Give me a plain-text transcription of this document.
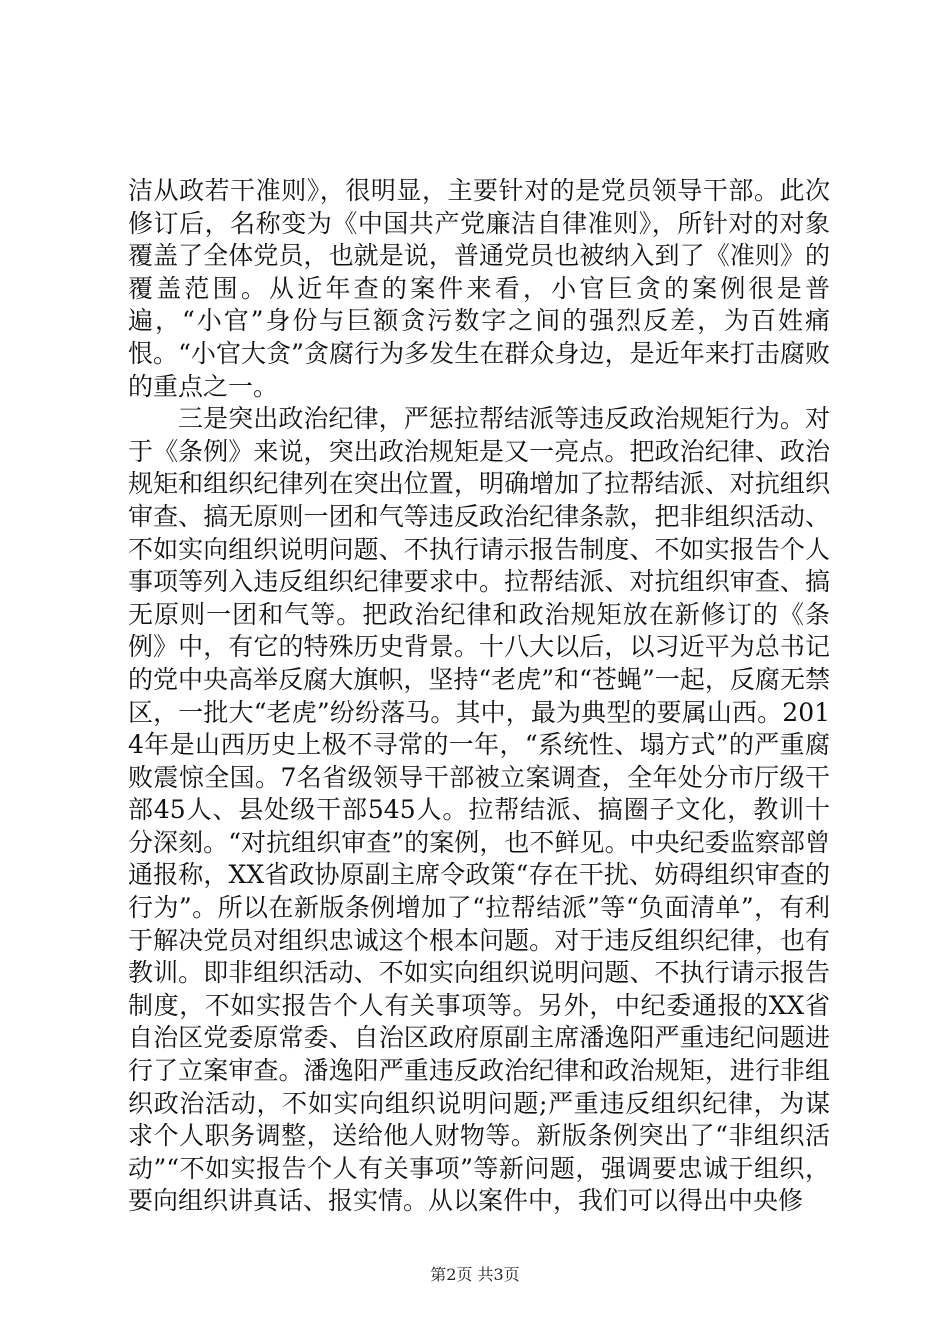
洁从政若干准则》，很明显，主要针对的是党员领导干部。此次修订后，名称变为《中国共产党廉洁自律准则》，所针对的对象覆盖了全体党员，也就是说，普通党员也被纳入到了《准则》的覆盖范围。从近年查的案件来看，小官巨贪的案例很是普遍，“小官”身份与巨额贪污数字之间的强烈反差，为百姓痛恨。“小官大贪”贪腐行为多发生在群众身边，是近年来打击腐败的重点之一。

三是突出政治纪律，严惩拉帮结派等违反政治规矩行为。对于《条例》来说，突出政治规矩是又一亮点。把政治纪律、政治规矩和组织纪律列在突出位置，明确增加了拉帮结派、对抗组织审查、搞无原则一团和气等违反政治纪律条款，把非组织活动、不如实向组织说明问题、不执行请示报告制度、不如实报告个人事项等列入违反组织纪律要求中。拉帮结派、对抗组织审查、搞无原则一团和气等。把政治纪律和政治规矩放在新修订的《条例》中，有它的特殊历史背景。十八大以后，以习近平为总书记的党中央高举反腐大旗帜，坚持“老虎”和“苍蝇”一起，反腐无禁区，一批大“老虎”纷纷落马。其中，最为典型的要属山西。2014年是山西历史上极不寻常的一年，“系统性、塌方式”的严重腐败震惊全国。7名省级领导干部被立案调查，全年处分市厅级干部45人、县处级干部545人。拉帮结派、搞圈子文化，教训十分深刻。“对抗组织审查”的案例，也不鲜见。中央纪委监察部曾通报称，XX省政协原副主席令政策“存在干扰、妨碍组织审查的行为”。所以在新版条例增加了“拉帮结派”等“负面清单”，有利于解决党员对组织忠诚这个根本问题。对于违反组织纪律，也有教训。即非组织活动、不如实向组织说明问题、不执行请示报告制度，不如实报告个人有关事项等。另外，中纪委通报的XX省自治区党委原常委、自治区政府原副主席潘逸阳严重违纪问题进行了立案审查。潘逸阳严重违反政治纪律和政治规矩，进行非组织政治活动，不如实向组织说明问题;严重违反组织纪律，为谋求个人职务调整，送给他人财物等。新版条例突出了“非组织活动”“不如实报告个人有关事项”等新问题，强调要忠诚于组织，要向组织讲真话、报实情。从以案件中，我们可以得出中央修

第2页 共3页
